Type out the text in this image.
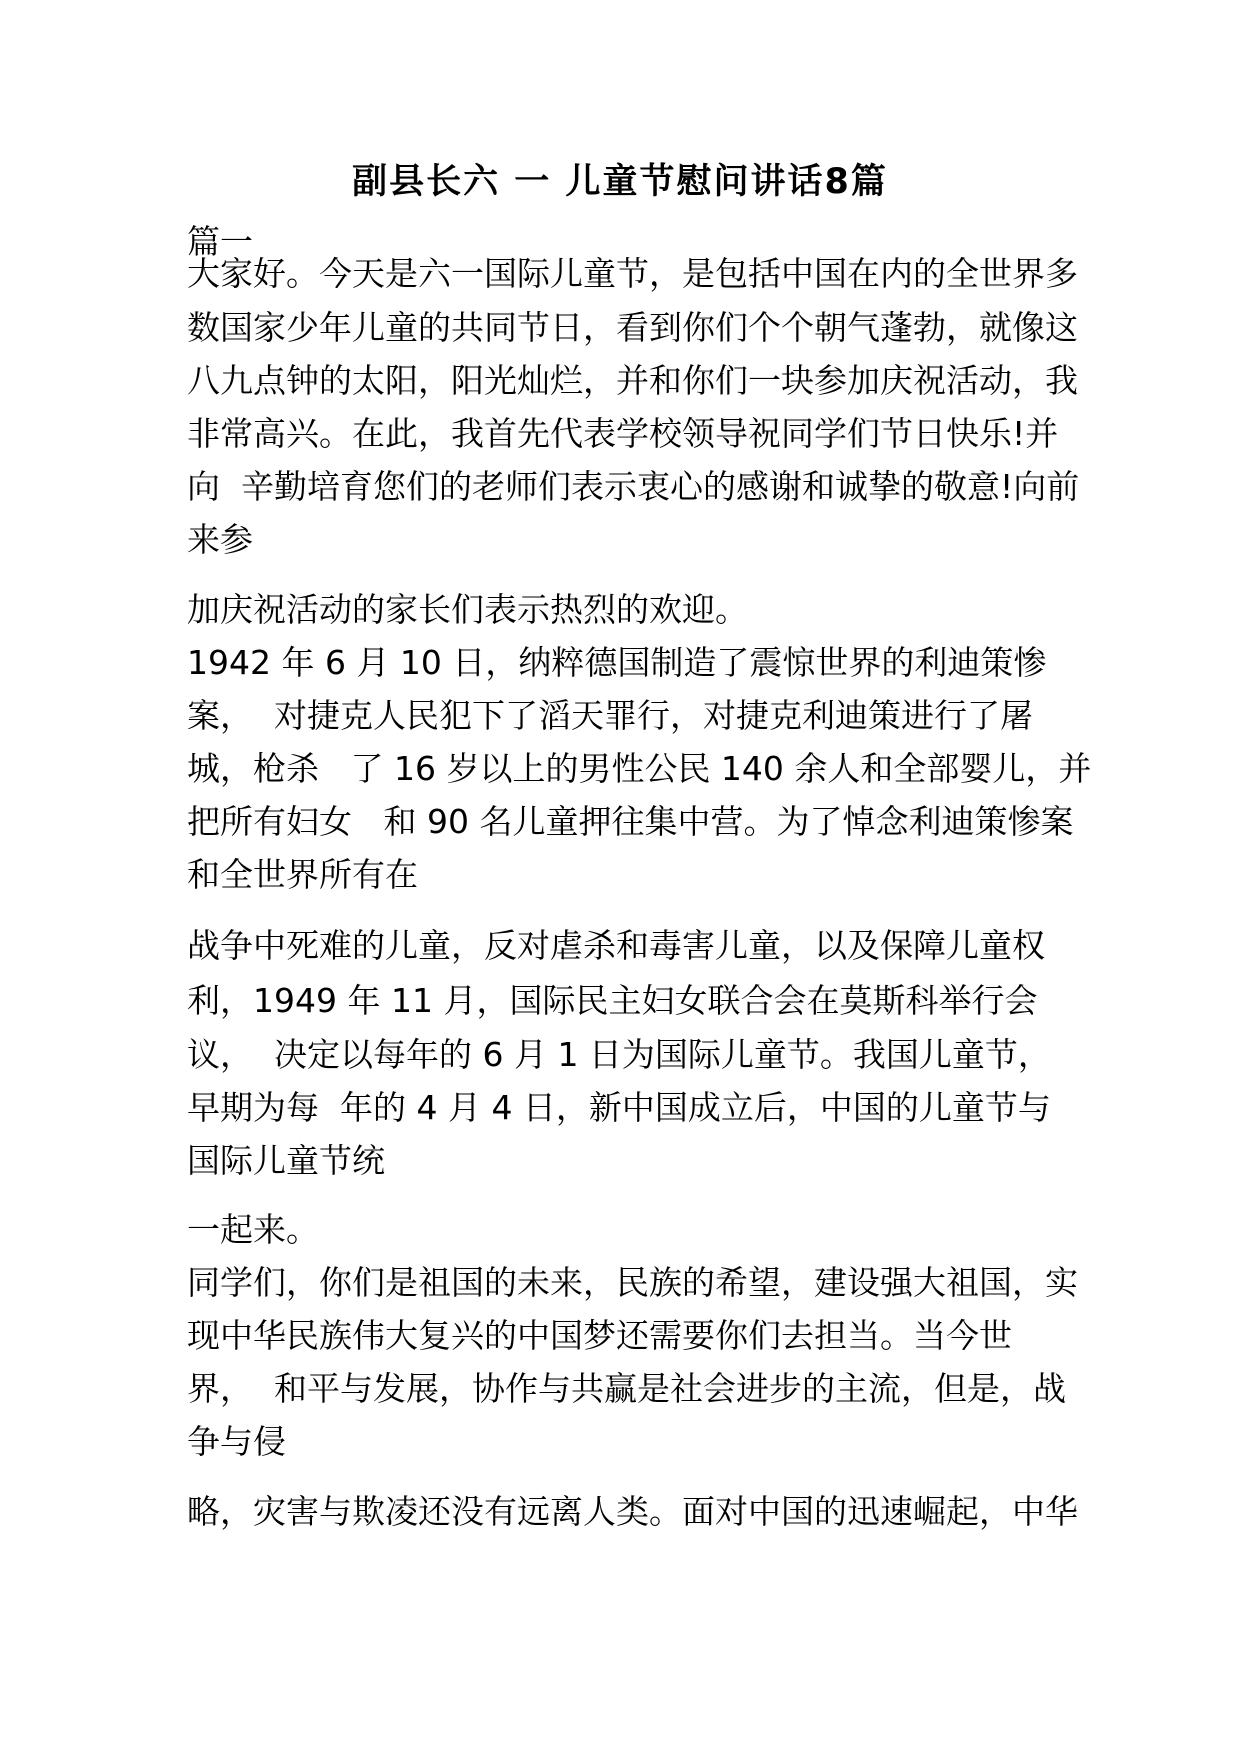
副县长六 一 儿童节慰问讲话8篇
篇一
大家好。今天是六一国际儿童节，是包括中国在内的全世界多
数国家少年儿童的共同节日，看到你们个个朝气蓬勃，就像这
八九点钟的太阳，阳光灿烂，并和你们一块参加庆祝活动，我
非常高兴。在此，我首先代表学校领导祝同学们节日快乐!并
向  辛勤培育您们的老师们表示衷心的感谢和诚挚的敬意!向前
来参
加庆祝活动的家长们表示热烈的欢迎。
1942 年 6 月 10 日，纳粹德国制造了震惊世界的利迪策惨
案，  对捷克人民犯下了滔天罪行，对捷克利迪策进行了屠
城，枪杀   了 16 岁以上的男性公民 140 余人和全部婴儿，并
把所有妇女   和 90 名儿童押往集中营。为了悼念利迪策惨案
和全世界所有在
战争中死难的儿童，反对虐杀和毒害儿童，以及保障儿童权
利，1949 年 11 月，国际民主妇女联合会在莫斯科举行会
议，  决定以每年的 6 月 1 日为国际儿童节。我国儿童节，
早期为每  年的 4 月 4 日，新中国成立后，中国的儿童节与
国际儿童节统
一起来。
同学们，你们是祖国的未来，民族的希望，建设强大祖国，实
现中华民族伟大复兴的中国梦还需要你们去担当。当今世
界，  和平与发展，协作与共赢是社会进步的主流，但是，战
争与侵
略，灾害与欺凌还没有远离人类。面对中国的迅速崛起，中华
